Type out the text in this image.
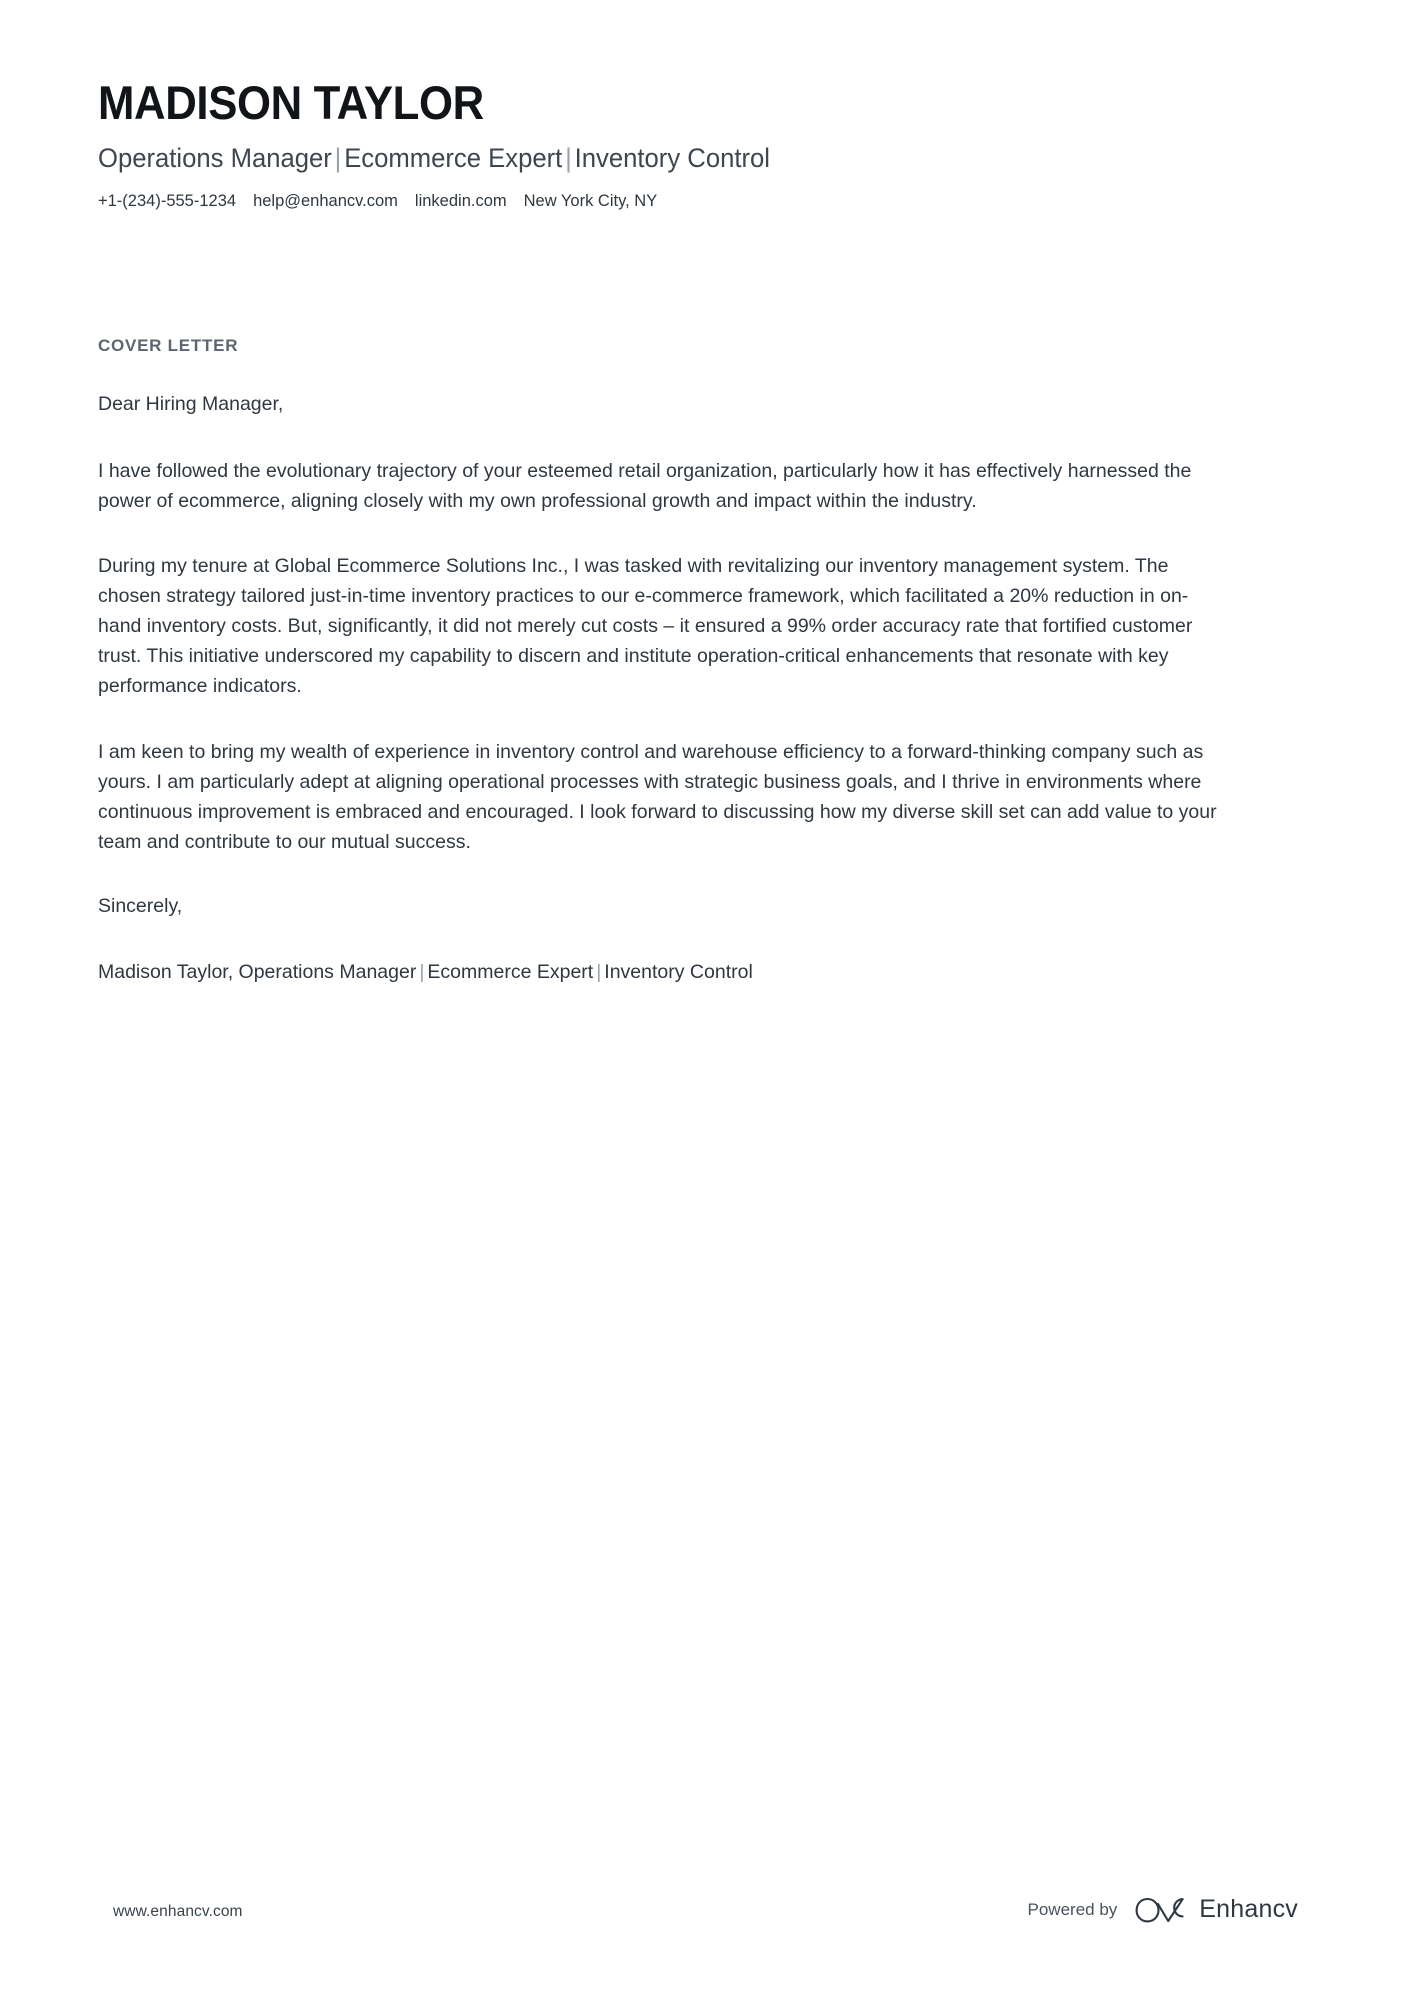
MADISON TAYLOR
Operations Manager | Ecommerce Expert | Inventory Control
+1-(234)-555-1234 help@enhancv.com linkedin.com New York City, NY
COVER LETTER

Dear Hiring Manager,

I have followed the evolutionary trajectory of your esteemed retail organization, particularly how it has effectively harnessed the power of ecommerce, aligning closely with my own professional growth and impact within the industry.

During my tenure at Global Ecommerce Solutions Inc., I was tasked with revitalizing our inventory management system. The chosen strategy tailored just-in-time inventory practices to our e-commerce framework, which facilitated a 20% reduction in on-hand inventory costs. But, significantly, it did not merely cut costs – it ensured a 99% order accuracy rate that fortified customer trust. This initiative underscored my capability to discern and institute operation-critical enhancements that resonate with key performance indicators.

I am keen to bring my wealth of experience in inventory control and warehouse efficiency to a forward-thinking company such as yours. I am particularly adept at aligning operational processes with strategic business goals, and I thrive in environments where continuous improvement is embraced and encouraged. I look forward to discussing how my diverse skill set can add value to your team and contribute to our mutual success.

Sincerely,

Madison Taylor, Operations Manager | Ecommerce Expert | Inventory Control

www.enhancv.com	Powered by	Enhancv
